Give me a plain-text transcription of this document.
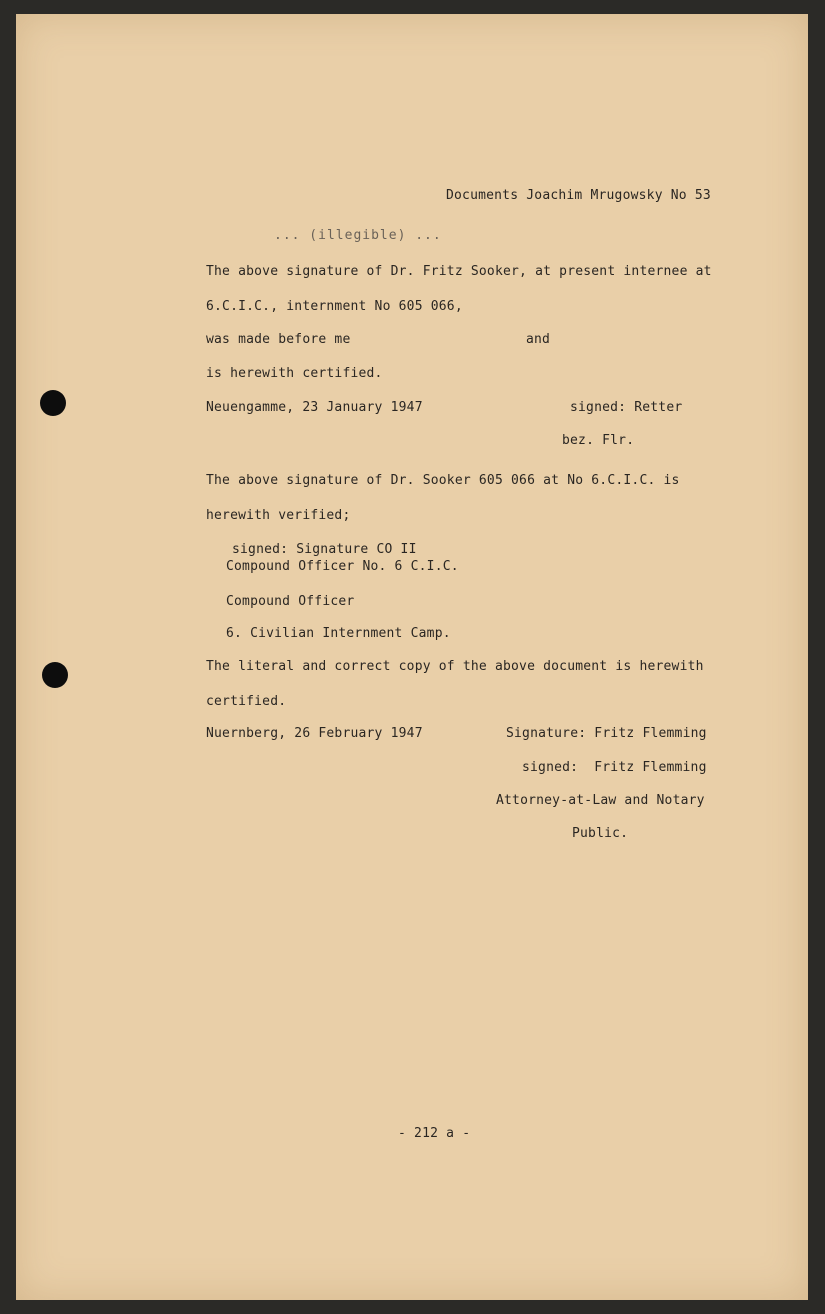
Documents Joachim Mrugowsky No 53
... (illegible) ...
The above signature of Dr. Fritz Sooker, at present internee at
6.C.I.C., internment No 605 066,
was made before me	and
is herewith certified.
Neuengamme, 23 January 1947	signed: Retter
bez. Flr.
The above signature of Dr. Sooker 605 066 at No 6.C.I.C. is
herewith verified;
signed: Signature CO II
Compound Officer No. 6 C.I.C.
Compound Officer
6. Civilian Internment Camp.
The literal and correct copy of the above document is herewith
certified.
Nuernberg, 26 February 1947	Signature: Fritz Flemming
signed:  Fritz Flemming
Attorney-at-Law and Notary
Public.
- 212 a -
